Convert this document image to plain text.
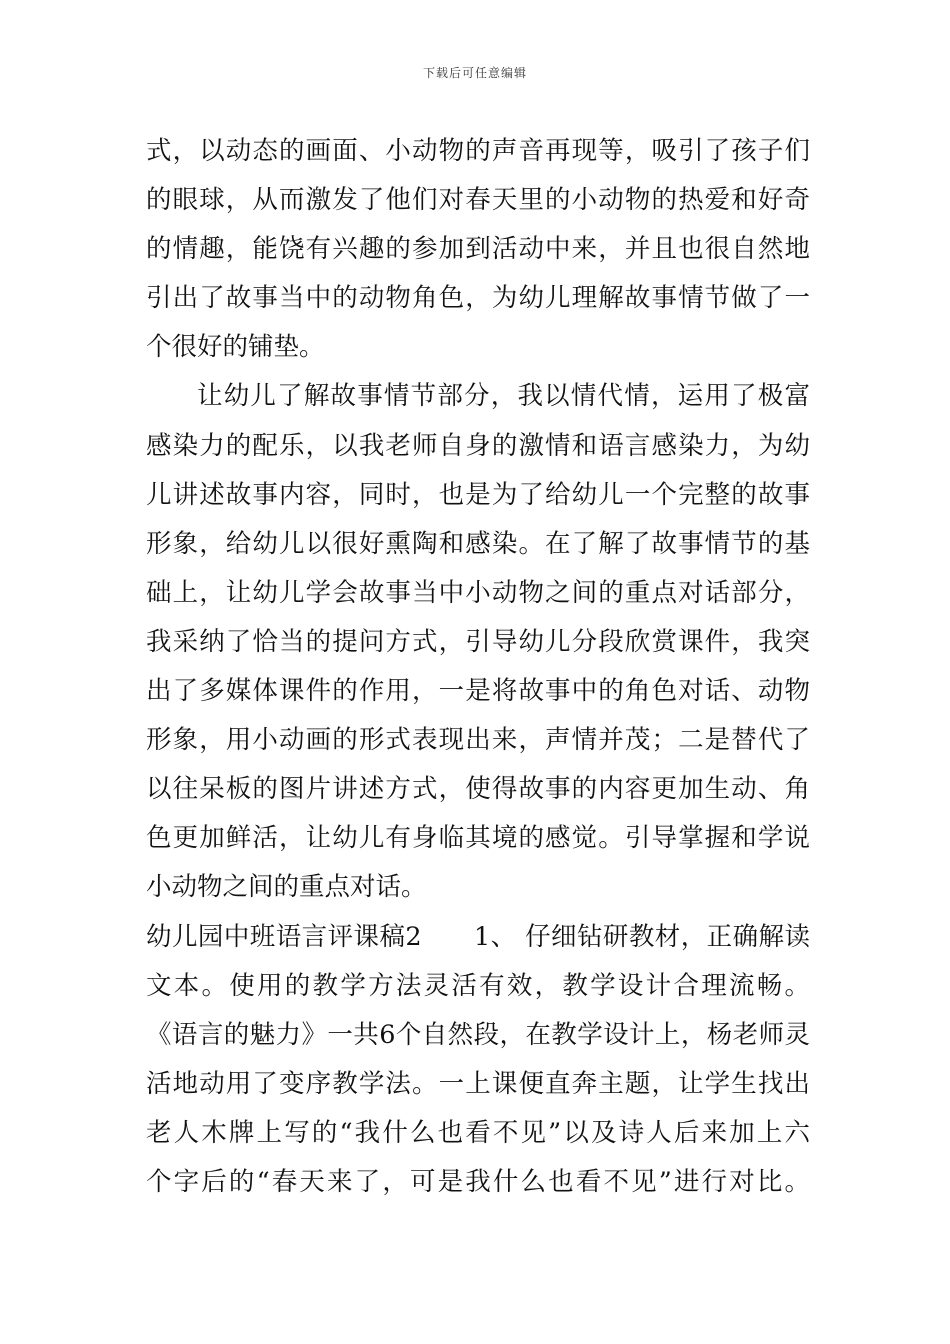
下载后可任意编辑
式，以动态的画面、小动物的声音再现等，吸引了孩子们
的眼球，从而激发了他们对春天里的小动物的热爱和好奇
的情趣，能饶有兴趣的参加到活动中来，并且也很自然地
引出了故事当中的动物角色，为幼儿理解故事情节做了一
个很好的铺垫。
让幼儿了解故事情节部分，我以情代情，运用了极富
感染力的配乐，以我老师自身的激情和语言感染力，为幼
儿讲述故事内容，同时，也是为了给幼儿一个完整的故事
形象，给幼儿以很好熏陶和感染。在了解了故事情节的基
础上，让幼儿学会故事当中小动物之间的重点对话部分，
我采纳了恰当的提问方式，引导幼儿分段欣赏课件，我突
出了多媒体课件的作用，一是将故事中的角色对话、动物
形象，用小动画的形式表现出来，声情并茂；二是替代了
以往呆板的图片讲述方式，使得故事的内容更加生动、角
色更加鲜活，让幼儿有身临其境的感觉。引导掌握和学说
小动物之间的重点对话。
幼儿园中班语言评课稿2　　1、 仔细钻研教材，正确解读
文本。使用的教学方法灵活有效，教学设计合理流畅。
《语言的魅力》一共6个自然段，在教学设计上，杨老师灵
活地动用了变序教学法。一上课便直奔主题，让学生找出
老人木牌上写的“我什么也看不见”以及诗人后来加上六
个字后的“春天来了，可是我什么也看不见”进行对比。
